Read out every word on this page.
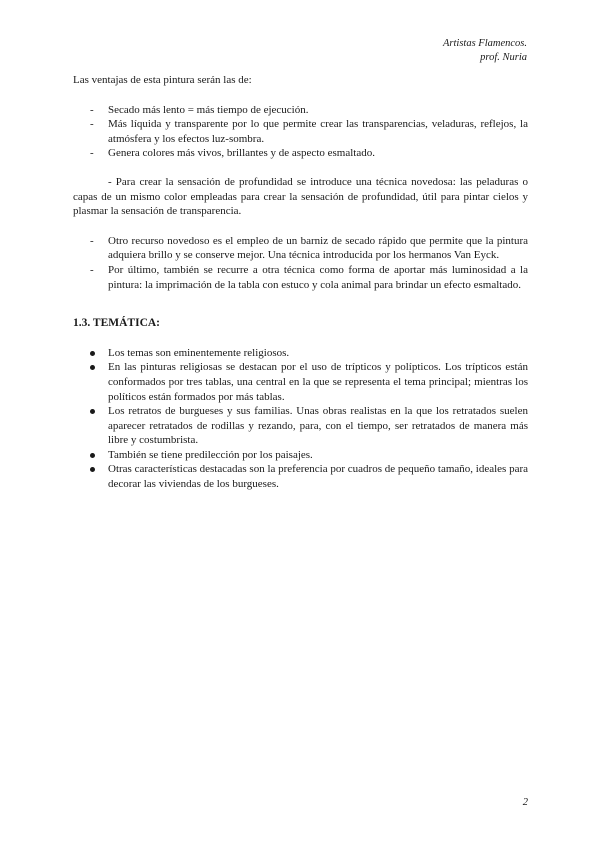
Artistas Flamencos.
prof. Nuria

Las ventajas de esta pintura serán las de:

- Secado más lento = más tiempo de ejecución.
- Más líquida y transparente por lo que permite crear las transparencias, veladuras, reflejos, la atmósfera y los efectos luz-sombra.
- Genera colores más vivos, brillantes y de aspecto esmaltado.

- Para crear la sensación de profundidad se introduce una técnica novedosa: las peladuras o capas de un mismo color empleadas para crear la sensación de profundidad, útil para pintar cielos y plasmar la sensación de transparencia.

- Otro recurso novedoso es el empleo de un barniz de secado rápido que permite que la pintura adquiera brillo y se conserve mejor. Una técnica introducida por los hermanos Van Eyck.
- Por último, también se recurre a otra técnica como forma de aportar más luminosidad a la pintura: la imprimación de la tabla con estuco y cola animal para brindar un efecto esmaltado.
1.3. TEMÁTICA:
Los temas son eminentemente religiosos.
En las pinturas religiosas se destacan por el uso de trípticos y polípticos. Los trípticos están conformados por tres tablas, una central en la que se representa el tema principal; mientras los políticos están formados por más tablas.
Los retratos de burgueses y sus familias. Unas obras realistas en la que los retratados suelen aparecer retratados de rodillas y rezando, para, con el tiempo, ser retratados de manera más libre y costumbrista.
También se tiene predilección por los paisajes.
Otras características destacadas son la preferencia por cuadros de pequeño tamaño, ideales para decorar las viviendas de los burgueses.
2
